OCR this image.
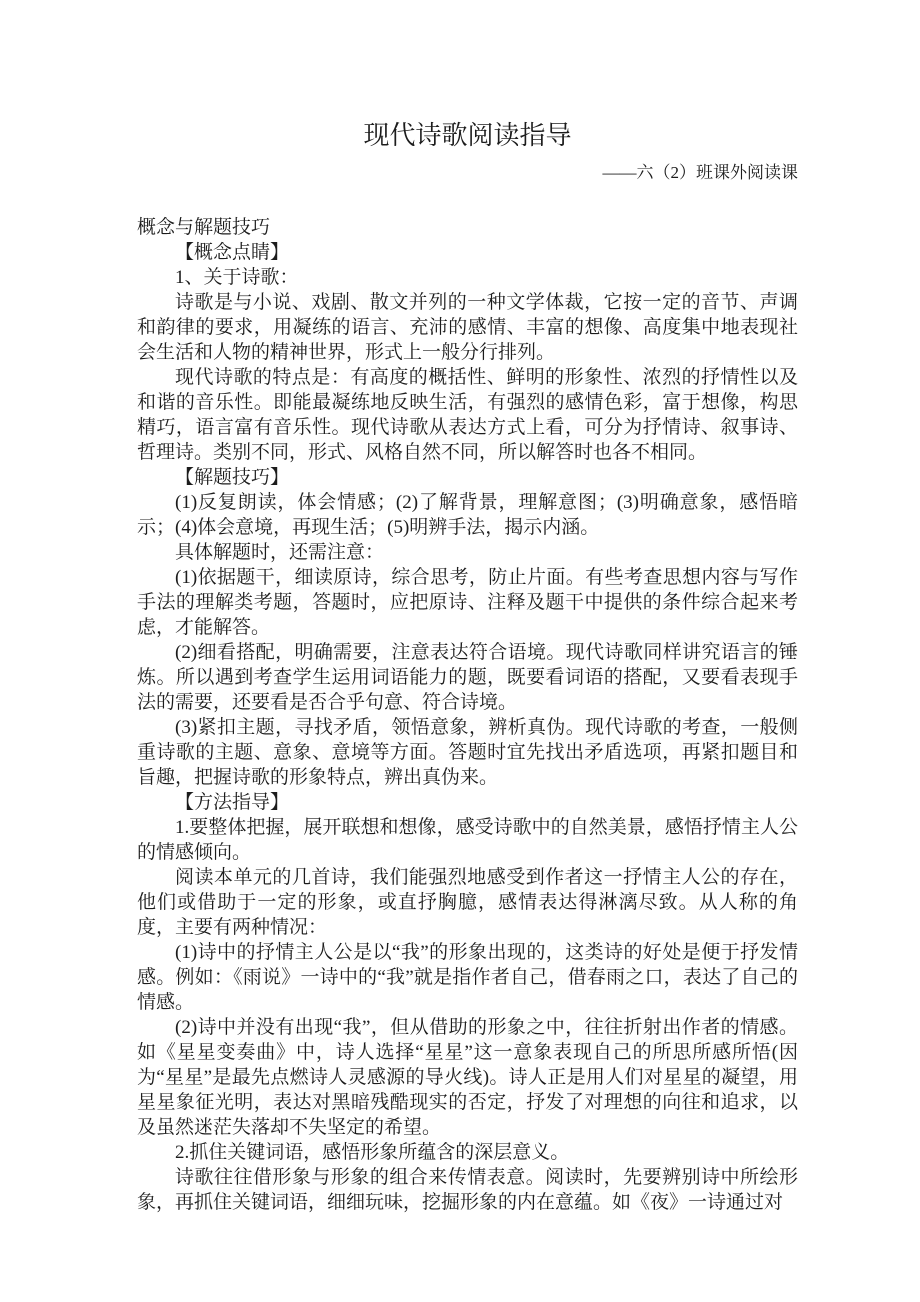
现代诗歌阅读指导
——六（2）班课外阅读课

概念与解题技巧

【概念点睛】

1、关于诗歌：

诗歌是与小说、戏剧、散文并列的一种文学体裁，它按一定的音节、声调和韵律的要求，用凝练的语言、充沛的感情、丰富的想像、高度集中地表现社会生活和人物的精神世界，形式上一般分行排列。

现代诗歌的特点是：有高度的概括性、鲜明的形象性、浓烈的抒情性以及和谐的音乐性。即能最凝练地反映生活，有强烈的感情色彩，富于想像，构思精巧，语言富有音乐性。现代诗歌从表达方式上看，可分为抒情诗、叙事诗、哲理诗。类别不同，形式、风格自然不同，所以解答时也各不相同。

【解题技巧】

(1)反复朗读，体会情感；(2)了解背景，理解意图；(3)明确意象，感悟暗示；(4)体会意境，再现生活；(5)明辨手法，揭示内涵。

具体解题时，还需注意：

(1)依据题干，细读原诗，综合思考，防止片面。有些考查思想内容与写作手法的理解类考题，答题时，应把原诗、注释及题干中提供的条件综合起来考虑，才能解答。

(2)细看搭配，明确需要，注意表达符合语境。现代诗歌同样讲究语言的锤炼。所以遇到考查学生运用词语能力的题，既要看词语的搭配，又要看表现手法的需要，还要看是否合乎句意、符合诗境。

(3)紧扣主题，寻找矛盾，领悟意象，辨析真伪。现代诗歌的考查，一般侧重诗歌的主题、意象、意境等方面。答题时宜先找出矛盾选项，再紧扣题目和旨趣，把握诗歌的形象特点，辨出真伪来。

【方法指导】

1.要整体把握，展开联想和想像，感受诗歌中的自然美景，感悟抒情主人公的情感倾向。

阅读本单元的几首诗，我们能强烈地感受到作者这一抒情主人公的存在，他们或借助于一定的形象，或直抒胸臆，感情表达得淋漓尽致。从人称的角度，主要有两种情况：

(1)诗中的抒情主人公是以“我”的形象出现的，这类诗的好处是便于抒发情感。例如：《雨说》一诗中的“我”就是指作者自己，借春雨之口，表达了自己的情感。

(2)诗中并没有出现“我”，但从借助的形象之中，往往折射出作者的情感。如《星星变奏曲》中，诗人选择“星星”这一意象表现自己的所思所感所悟(因为“星星”是最先点燃诗人灵感源的导火线)。诗人正是用人们对星星的凝望，用星星象征光明，表达对黑暗残酷现实的否定，抒发了对理想的向往和追求，以及虽然迷茫失落却不失坚定的希望。

2.抓住关键词语，感悟形象所蕴含的深层意义。

诗歌往往借形象与形象的组合来传情表意。阅读时，先要辨别诗中所绘形象，再抓住关键词语，细细玩味，挖掘形象的内在意蕴。如《夜》一诗通过对
